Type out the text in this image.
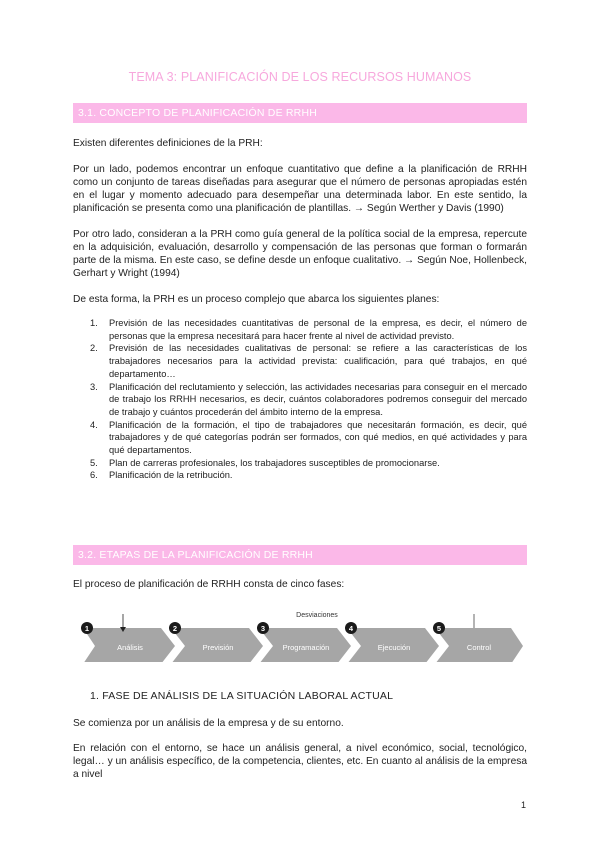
TEMA 3: PLANIFICACIÓN DE LOS RECURSOS HUMANOS
3.1. CONCEPTO DE PLANIFICACIÓN DE RRHH

Existen diferentes definiciones de la PRH:

Por un lado, podemos encontrar un enfoque cuantitativo que define a la planificación de RRHH como un conjunto de tareas diseñadas para asegurar que el número de personas apropiadas estén en el lugar y momento adecuado para desempeñar una determinada labor. En este sentido, la planificación se presenta como una planificación de plantillas. → Según Werther y Davis (1990)

Por otro lado, consideran a la PRH como guía general de la política social de la empresa, repercute en la adquisición, evaluación, desarrollo y compensación de las personas que forman o formarán parte de la misma. En este caso, se define desde un enfoque cualitativo. → Según Noe, Hollenbeck, Gerhart y Wright (1994)

De esta forma, la PRH es un proceso complejo que abarca los siguientes planes:

1. Previsión de las necesidades cuantitativas de personal de la empresa, es decir, el número de personas que la empresa necesitará para hacer frente al nivel de actividad previsto.
2. Previsión de las necesidades cualitativas de personal: se refiere a las características de los trabajadores necesarios para la actividad prevista: cualificación, para qué trabajos, en qué departamento…
3. Planificación del reclutamiento y selección, las actividades necesarias para conseguir en el mercado de trabajo los RRHH necesarios, es decir, cuántos colaboradores podremos conseguir del mercado de trabajo y cuántos procederán del ámbito interno de la empresa.
4. Planificación de la formación, el tipo de trabajadores que necesitarán formación, es decir, qué trabajadores y de qué categorías podrán ser formados, con qué medios, en qué actividades y para qué departamentos.
5. Plan de carreras profesionales, los trabajadores susceptibles de promocionarse.
6. Planificación de la retribución.
3.2. ETAPAS DE LA PLANIFICACIÓN DE RRHH

El proceso de planificación de RRHH consta de cinco fases:

Desviaciones
Análisis
1
Previsión
2
Programación
3
Ejecución
4
Control
5
1. FASE DE ANÁLISIS DE LA SITUACIÓN LABORAL ACTUAL

Se comienza por un análisis de la empresa y de su entorno.

En relación con el entorno, se hace un análisis general, a nivel económico, social, tecnológico, legal… y un análisis específico, de la competencia, clientes, etc. En cuanto al análisis de la empresa a nivel

1
